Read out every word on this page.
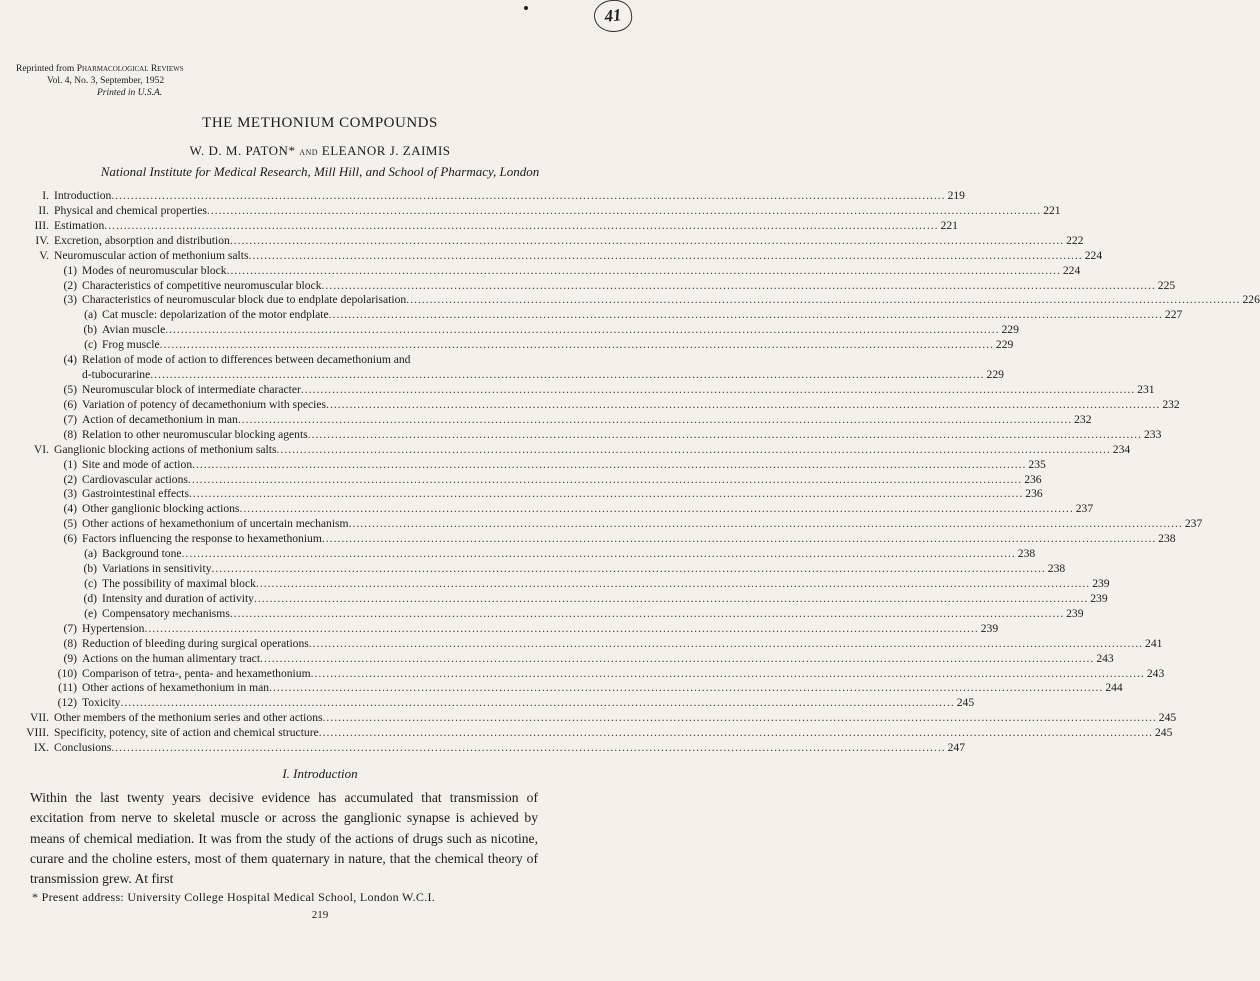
41
Reprinted from Pharmacological Reviews
Vol. 4, No. 3, September, 1952
Printed in U.S.A.
THE METHONIUM COMPOUNDS
W. D. M. PATON* and ELEANOR J. ZAIMIS
National Institute for Medical Research, Mill Hill, and School of Pharmacy, London
I. Introduction .....	219
II. Physical and chemical properties .....	221
III. Estimation .....	221
IV. Excretion, absorption and distribution .....	222
V. Neuromuscular action of methonium salts .....	224
(1) Modes of neuromuscular block .....	224
(2) Characteristics of competitive neuromuscular block .....	225
(3) Characteristics of neuromuscular block due to endplate depolarisation .....	226
(a) Cat muscle: depolarization of the motor endplate .....	227
(b) Avian muscle .....	229
(c) Frog muscle .....	229
(4) Relation of mode of action to differences between decamethonium and
d-tubocurarine .....	229
(5) Neuromuscular block of intermediate character .....	231
(6) Variation of potency of decamethonium with species .....	232
(7) Action of decamethonium in man .....	232
(8) Relation to other neuromuscular blocking agents .....	233
VI. Ganglionic blocking actions of methonium salts .....	234
(1) Site and mode of action .....	235
(2) Cardiovascular actions .....	236
(3) Gastrointestinal effects .....	236
(4) Other ganglionic blocking actions .....	237
(5) Other actions of hexamethonium of uncertain mechanism .....	237
(6) Factors influencing the response to hexamethonium .....	238
(a) Background tone .....	238
(b) Variations in sensitivity .....	238
(c) The possibility of maximal block .....	239
(d) Intensity and duration of activity .....	239
(e) Compensatory mechanisms .....	239
(7) Hypertension .....	239
(8) Reduction of bleeding during surgical operations .....	241
(9) Actions on the human alimentary tract .....	243
(10) Comparison of tetra-, penta- and hexamethonium .....	243
(11) Other actions of hexamethonium in man .....	244
(12) Toxicity .....	245
VII. Other members of the methonium series and other actions .....	245
VIII. Specificity, potency, site of action and chemical structure .....	245
IX. Conclusions .....	247
I. Introduction
Within the last twenty years decisive evidence has accumulated that transmission of excitation from nerve to skeletal muscle or across the ganglionic synapse is achieved by means of chemical mediation. It was from the study of the actions of drugs such as nicotine, curare and the choline esters, most of them quaternary in nature, that the chemical theory of transmission grew. At first
* Present address: University College Hospital Medical School, London W.C.I.
219
